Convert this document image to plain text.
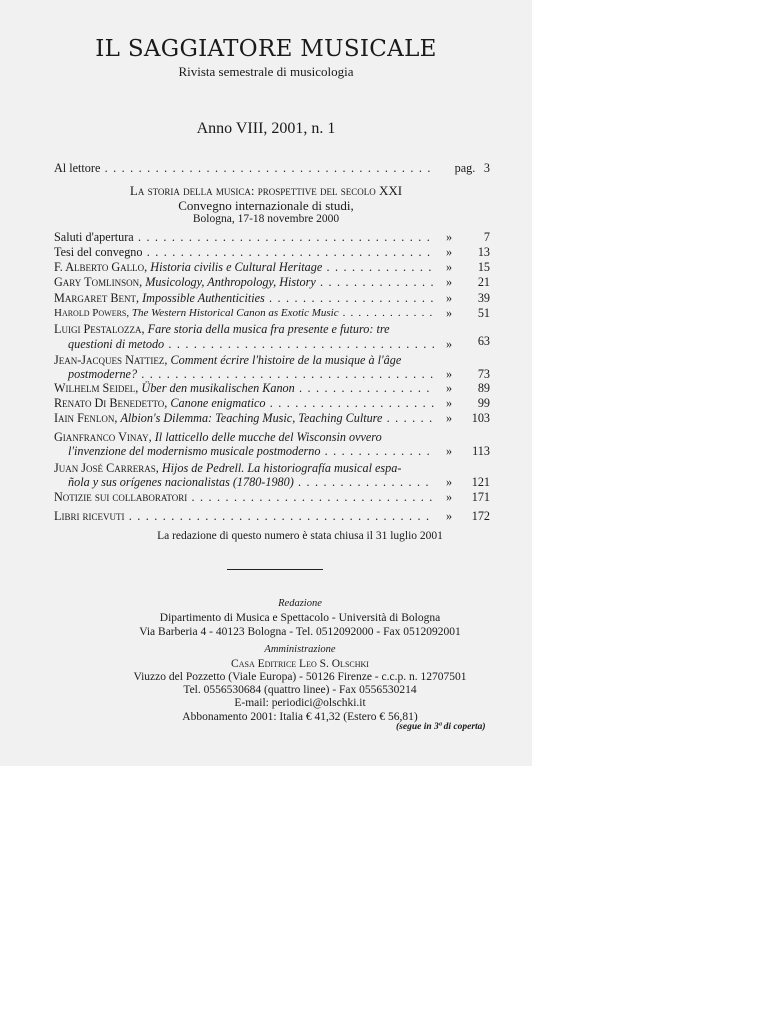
IL SAGGIATORE MUSICALE
Rivista semestrale di musicologia
Anno VIII, 2001, n. 1
Al lettore . . .	pag. 3
La storia della musica: prospettive del secolo XXI
Convegno internazionale di studi,
Bologna, 17-18 novembre 2000
Saluti d'apertura . . .	»	7
Tesi del convegno . . .	»	13
F. Alberto Gallo, Historia civilis e Cultural Heritage . . .	»	15
Gary Tomlinson, Musicology, Anthropology, History . . .	»	21
Margaret Bent, Impossible Authenticities . . .	»	39
Harold Powers, The Western Historical Canon as Exotic Music . . .	»	51
Luigi Pestalozza, Fare storia della musica fra presente e futuro: tre
questioni di metodo . . .	»	63
Jean-Jacques Nattiez, Comment écrire l'histoire de la musique à l'âge
postmoderne? . . .	»	73
Wilhelm Seidel, Über den musikalischen Kanon . . .	»	89
Renato Di Benedetto, Canone enigmatico . . .	»	99
Iain Fenlon, Albion's Dilemma: Teaching Music, Teaching Culture . . .	»	103
Gianfranco Vinay, Il latticello delle mucche del Wisconsin ovvero
l'invenzione del modernismo musicale postmoderno . . .	»	113
Juan José Carreras, Hijos de Pedrell. La historiografía musical espa-
ñola y sus orígenes nacionalistas (1780-1980) . . .	»	121
Notizie sui collaboratori . . .	»	171
Libri ricevuti . . .	»	172
La redazione di questo numero è stata chiusa il 31 luglio 2001
Redazione
Dipartimento di Musica e Spettacolo - Università di Bologna
Via Barberia 4 - 40123 Bologna - Tel. 0512092000 - Fax 0512092001
Amministrazione
Casa Editrice Leo S. Olschki
Viuzzo del Pozzetto (Viale Europa) - 50126 Firenze - c.c.p. n. 12707501
Tel. 0556530684 (quattro linee) - Fax 0556530214
E-mail: periodici@olschki.it
Abbonamento 2001: Italia € 41,32 (Estero € 56,81)
(segue in 3ª di coperta)
